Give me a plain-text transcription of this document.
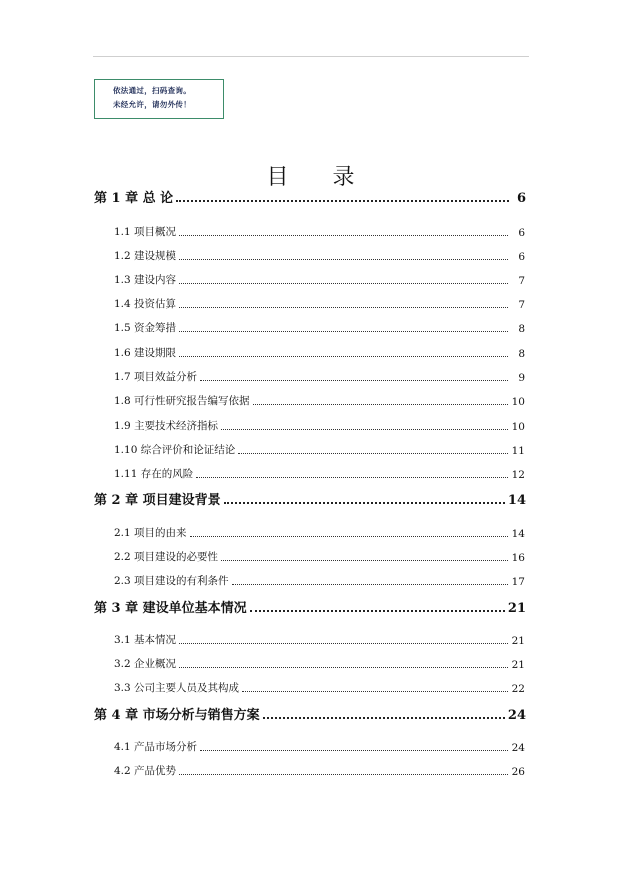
依法通过，扫码查询。
未经允许，请勿外传！
目录
第 1 章 总 论	6
1.1 项目概况	6
1.2 建设规模	6
1.3 建设内容	7
1.4 投资估算	7
1.5 资金筹措	8
1.6 建设期限	8
1.7 项目效益分析	9
1.8 可行性研究报告编写依据	10
1.9 主要技术经济指标	10
1.10 综合评价和论证结论	11
1.11 存在的风险	12
第 2 章 项目建设背景	14
2.1 项目的由来	14
2.2 项目建设的必要性	16
2.3 项目建设的有利条件	17
第 3 章 建设单位基本情况	21
3.1 基本情况	21
3.2 企业概况	21
3.3 公司主要人员及其构成	22
第 4 章 市场分析与销售方案	24
4.1 产品市场分析	24
4.2 产品优势	26
